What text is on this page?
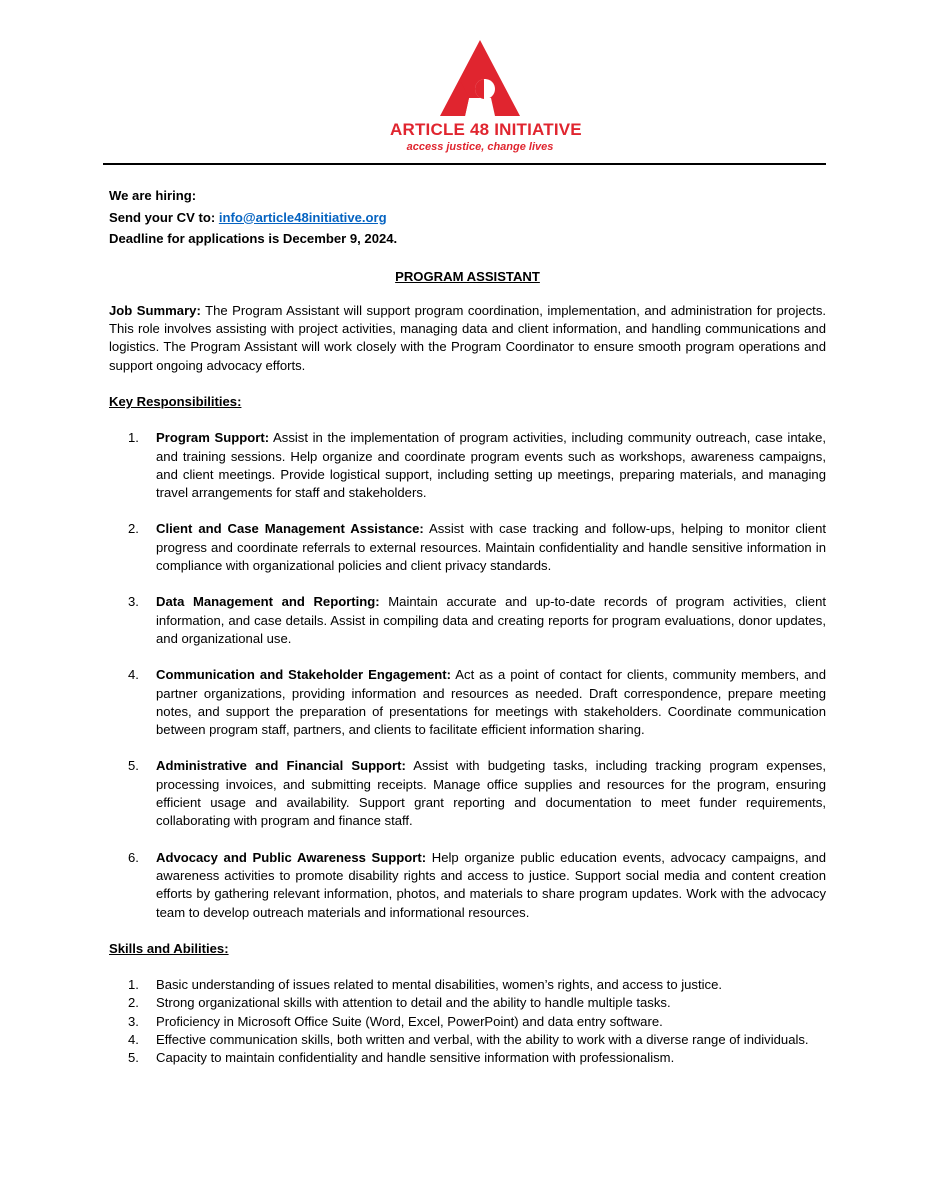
ARTICLE 48 INITIATIVE
access justice, change lives

We are hiring:

Send your CV to: info@article48initiative.org

Deadline for applications is December 9, 2024.

PROGRAM ASSISTANT

Job Summary: The Program Assistant will support program coordination, implementation, and administration for projects. This role involves assisting with project activities, managing data and client information, and handling communications and logistics. The Program Assistant will work closely with the Program Coordinator to ensure smooth program operations and support ongoing advocacy efforts.

Key Responsibilities:
1. Program Support: Assist in the implementation of program activities, including community outreach, case intake, and training sessions. Help organize and coordinate program events such as workshops, awareness campaigns, and client meetings. Provide logistical support, including setting up meetings, preparing materials, and managing travel arrangements for staff and stakeholders.
2. Client and Case Management Assistance: Assist with case tracking and follow-ups, helping to monitor client progress and coordinate referrals to external resources. Maintain confidentiality and handle sensitive information in compliance with organizational policies and client privacy standards.
3. Data Management and Reporting: Maintain accurate and up-to-date records of program activities, client information, and case details. Assist in compiling data and creating reports for program evaluations, donor updates, and organizational use.
4. Communication and Stakeholder Engagement: Act as a point of contact for clients, community members, and partner organizations, providing information and resources as needed. Draft correspondence, prepare meeting notes, and support the preparation of presentations for meetings with stakeholders. Coordinate communication between program staff, partners, and clients to facilitate efficient information sharing.
5. Administrative and Financial Support: Assist with budgeting tasks, including tracking program expenses, processing invoices, and submitting receipts. Manage office supplies and resources for the program, ensuring efficient usage and availability. Support grant reporting and documentation to meet funder requirements, collaborating with program and finance staff.
6. Advocacy and Public Awareness Support: Help organize public education events, advocacy campaigns, and awareness activities to promote disability rights and access to justice. Support social media and content creation efforts by gathering relevant information, photos, and materials to share program updates. Work with the advocacy team to develop outreach materials and informational resources.
Skills and Abilities:
1. Basic understanding of issues related to mental disabilities, women’s rights, and access to justice.
2. Strong organizational skills with attention to detail and the ability to handle multiple tasks.
3. Proficiency in Microsoft Office Suite (Word, Excel, PowerPoint) and data entry software.
4. Effective communication skills, both written and verbal, with the ability to work with a diverse range of individuals.
5. Capacity to maintain confidentiality and handle sensitive information with professionalism.
